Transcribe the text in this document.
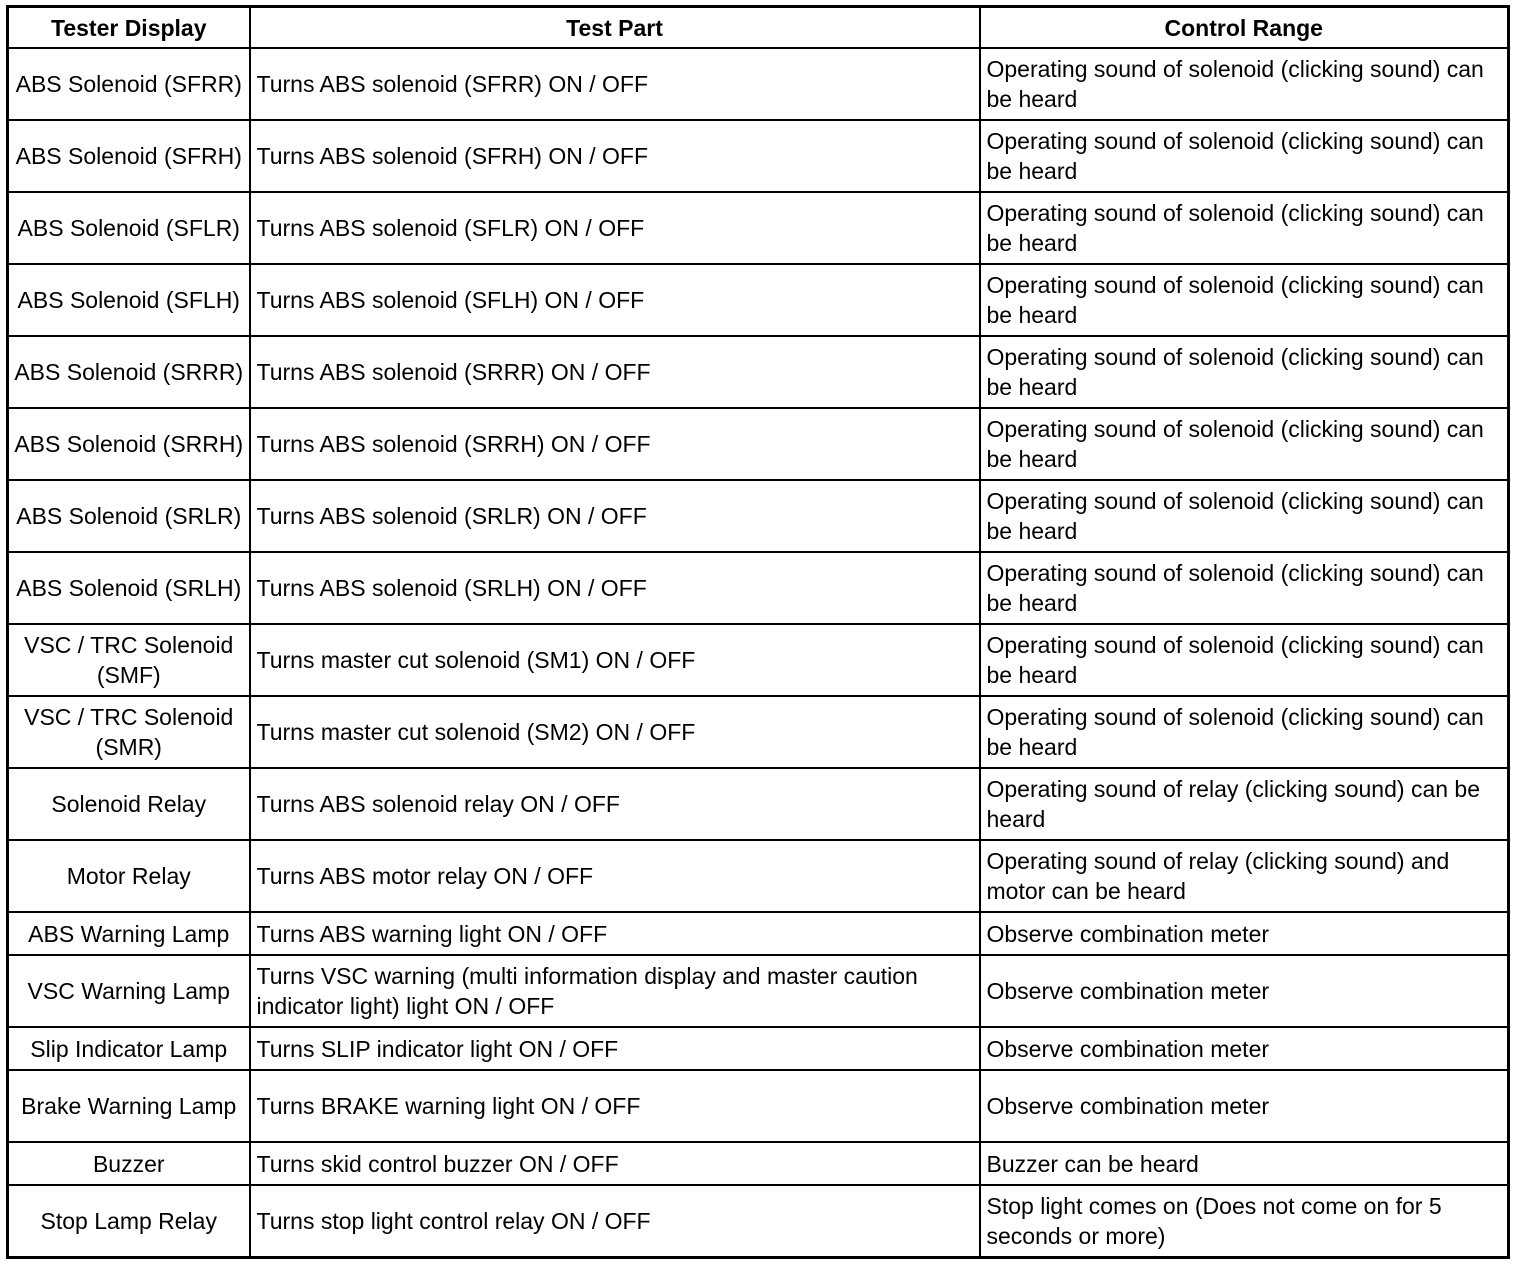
Tester Display	Test Part	Control Range
ABS Solenoid (SFRR)	Turns ABS solenoid (SFRR) ON / OFF	Operating sound of solenoid (clicking sound) can be heard
ABS Solenoid (SFRH)	Turns ABS solenoid (SFRH) ON / OFF	Operating sound of solenoid (clicking sound) can be heard
ABS Solenoid (SFLR)	Turns ABS solenoid (SFLR) ON / OFF	Operating sound of solenoid (clicking sound) can be heard
ABS Solenoid (SFLH)	Turns ABS solenoid (SFLH) ON / OFF	Operating sound of solenoid (clicking sound) can be heard
ABS Solenoid (SRRR)	Turns ABS solenoid (SRRR) ON / OFF	Operating sound of solenoid (clicking sound) can be heard
ABS Solenoid (SRRH)	Turns ABS solenoid (SRRH) ON / OFF	Operating sound of solenoid (clicking sound) can be heard
ABS Solenoid (SRLR)	Turns ABS solenoid (SRLR) ON / OFF	Operating sound of solenoid (clicking sound) can be heard
ABS Solenoid (SRLH)	Turns ABS solenoid (SRLH) ON / OFF	Operating sound of solenoid (clicking sound) can be heard
VSC / TRC Solenoid (SMF)	Turns master cut solenoid (SM1) ON / OFF	Operating sound of solenoid (clicking sound) can be heard
VSC / TRC Solenoid (SMR)	Turns master cut solenoid (SM2) ON / OFF	Operating sound of solenoid (clicking sound) can be heard
Solenoid Relay	Turns ABS solenoid relay ON / OFF	Operating sound of relay (clicking sound) can be heard
Motor Relay	Turns ABS motor relay ON / OFF	Operating sound of relay (clicking sound) and motor can be heard
ABS Warning Lamp	Turns ABS warning light ON / OFF	Observe combination meter
VSC Warning Lamp	Turns VSC warning (multi information display and master caution indicator light) light ON / OFF	Observe combination meter
Slip Indicator Lamp	Turns SLIP indicator light ON / OFF	Observe combination meter
Brake Warning Lamp	Turns BRAKE warning light ON / OFF	Observe combination meter
Buzzer	Turns skid control buzzer ON / OFF	Buzzer can be heard
Stop Lamp Relay	Turns stop light control relay ON / OFF	Stop light comes on (Does not come on for 5 seconds or more)
